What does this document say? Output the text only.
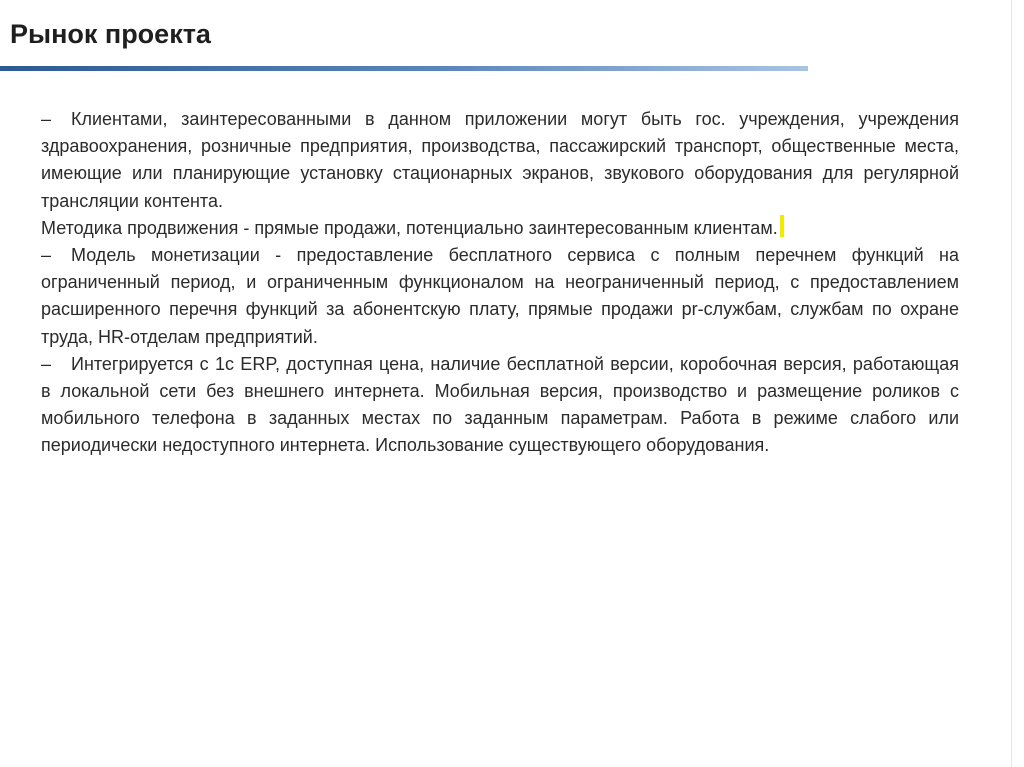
Рынок проекта

– Клиентами, заинтересованными в данном приложении могут быть гос. учреждения, учреждения здравоохранения, розничные предприятия, производства, пассажирский транспорт, общественные места, имеющие или планирующие установку стационарных экранов, звукового оборудования для регулярной трансляции контента.

Методика продвижения - прямые продажи, потенциально заинтересованным клиентам.

– Модель монетизации - предоставление бесплатного сервиса с полным перечнем функций на ограниченный период, и ограниченным функционалом на неограниченный период, с предоставлением расширенного перечня функций за абонентскую плату, прямые продажи pr-службам, службам по охране труда, HR-отделам предприятий.

– Интегрируется с 1с ERP, доступная цена, наличие бесплатной версии, коробочная версия, работающая в локальной сети без внешнего интернета. Мобильная версия, производство и размещение роликов с мобильного телефона в заданных местах по заданным параметрам. Работа в режиме слабого или периодически недоступного интернета. Использование существующего оборудования.
